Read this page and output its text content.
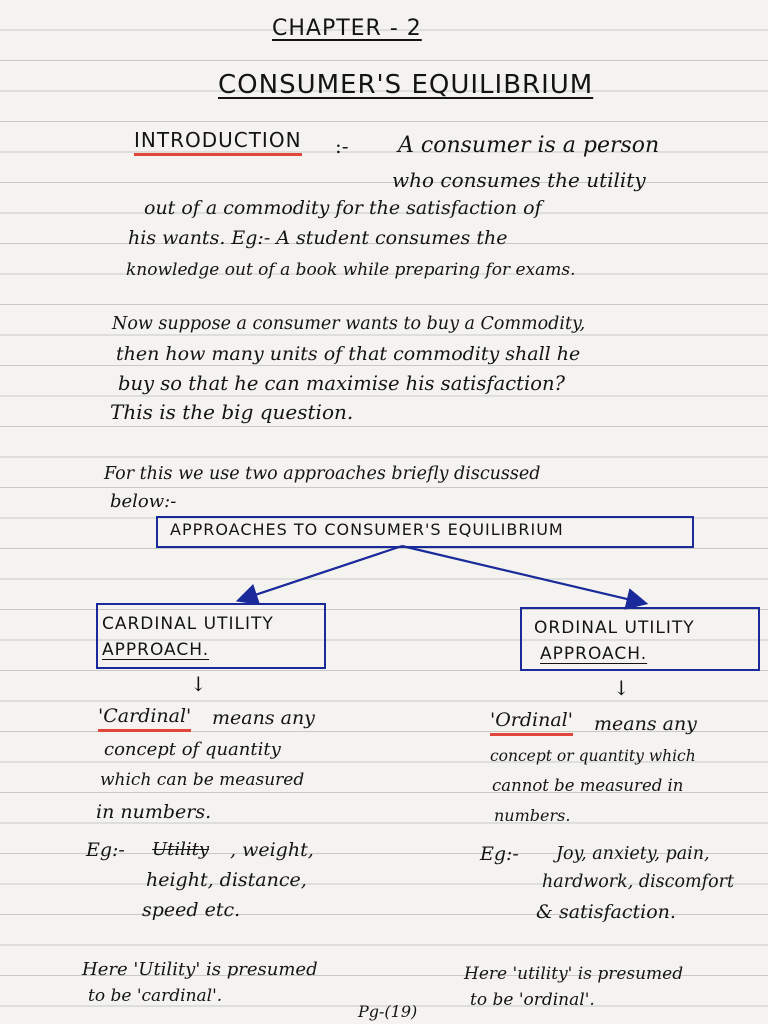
CHAPTER - 2
CONSUMER'S EQUILIBRIUM
INTRODUCTION :- A consumer is a person
who consumes the utility
out of a commodity for the satisfaction of
his wants. Eg:- A student consumes the
knowledge out of a book while preparing for exams.
Now suppose a consumer wants to buy a Commodity,
then how many units of that commodity shall he
buy so that he can maximise his satisfaction?
This is the big question.
For this we use two approaches briefly discussed
below:-
APPROACHES TO CONSUMER'S EQUILIBRIUM
CARDINAL UTILITY
APPROACH.
ORDINAL UTILITY
APPROACH.
↓	↓
'Cardinal' means any
concept of quantity
which can be measured
in numbers.
Eg:- Utility , weight,
height, distance,
speed etc.
Here 'Utility' is presumed
to be 'cardinal'.
'Ordinal' means any
concept or quantity which
cannot be measured in
numbers.
Eg:- Joy, anxiety, pain,
hardwork, discomfort
& satisfaction.
Here 'utility' is presumed
to be 'ordinal'.
Pg-(19)
